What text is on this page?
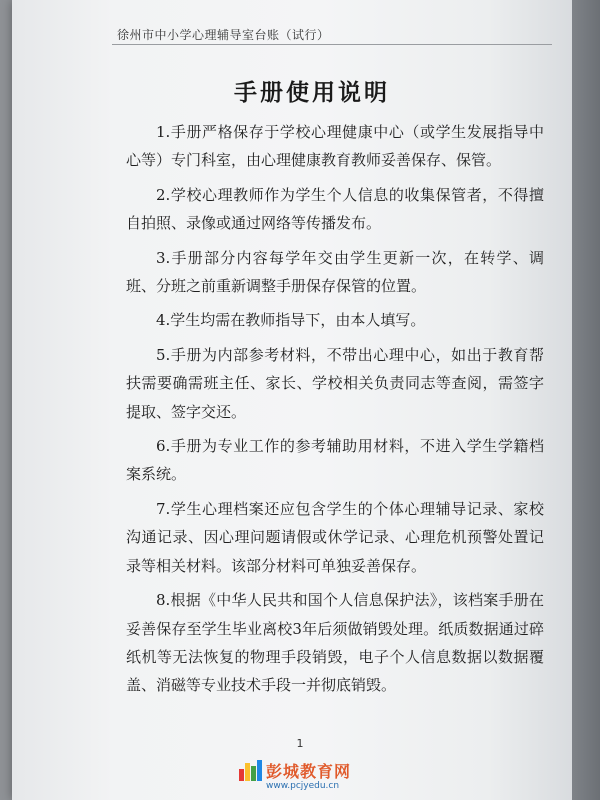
徐州市中小学心理辅导室台账（试行）
手册使用说明

1.手册严格保存于学校心理健康中心（或学生发展指导中心等）专门科室，由心理健康教育教师妥善保存、保管。

2.学校心理教师作为学生个人信息的收集保管者，不得擅自拍照、录像或通过网络等传播发布。

3.手册部分内容每学年交由学生更新一次，在转学、调班、分班之前重新调整手册保存保管的位置。

4.学生均需在教师指导下，由本人填写。

5.手册为内部参考材料，不带出心理中心，如出于教育帮扶需要确需班主任、家长、学校相关负责同志等查阅，需签字提取、签字交还。

6.手册为专业工作的参考辅助用材料，不进入学生学籍档案系统。

7.学生心理档案还应包含学生的个体心理辅导记录、家校沟通记录、因心理问题请假或休学记录、心理危机预警处置记录等相关材料。该部分材料可单独妥善保存。

8.根据《中华人民共和国个人信息保护法》，该档案手册在妥善保存至学生毕业离校3年后须做销毁处理。纸质数据通过碎纸机等无法恢复的物理手段销毁，电子个人信息数据以数据覆盖、消磁等专业技术手段一并彻底销毁。

1
彭城教育网
www.pcjyedu.cn
